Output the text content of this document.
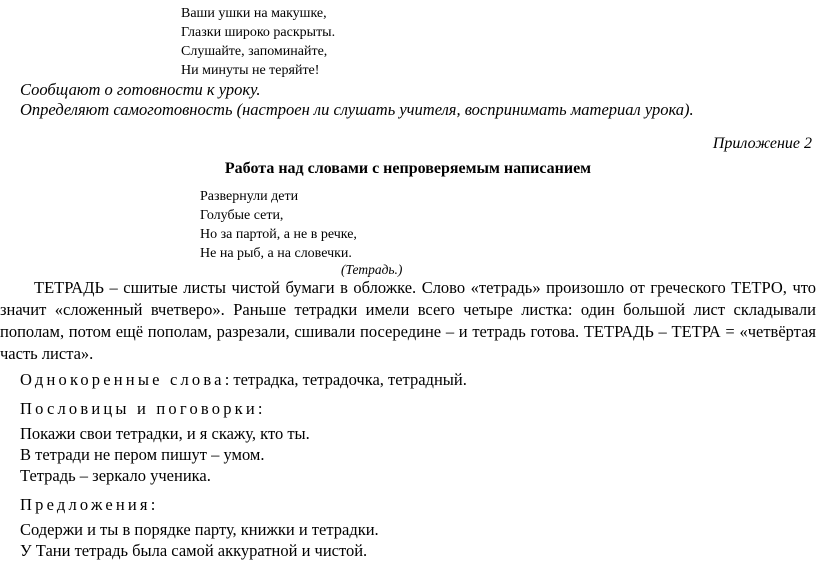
Ваши ушки на макушке,
Глазки широко раскрыты.
Слушайте, запоминайте,
Ни минуты не теряйте!
Сообщают о готовности к уроку.
Определяют самоготовность (настроен ли слушать учителя, воспринимать материал урока).
Приложение 2
Работа над словами с непроверяемым написанием
Развернули дети
Голубые сети,
Но за партой, а не в речке,
Не на рыб, а на словечки.
(Тетрадь.)
ТЕТРАДЬ – сшитые листы чистой бумаги в обложке. Слово «тетрадь» произошло от греческого ТЕТРО, что значит «сложенный вчетверо». Раньше тетрадки имели всего четыре листка: один большой лист складывали пополам, потом ещё пополам, разрезали, сшивали посередине – и тетрадь готова. ТЕТРАДЬ – ТЕТРА = «четвёртая часть листа».
Однокоренные слова: тетрадка, тетрадочка, тетрадный.
Пословицы и поговорки:
Покажи свои тетрадки, и я скажу, кто ты.
В тетради не пером пишут – умом.
Тетрадь – зеркало ученика.
Предложения:
Содержи и ты в порядке парту, книжки и тетрадки.
У Тани тетрадь была самой аккуратной и чистой.
